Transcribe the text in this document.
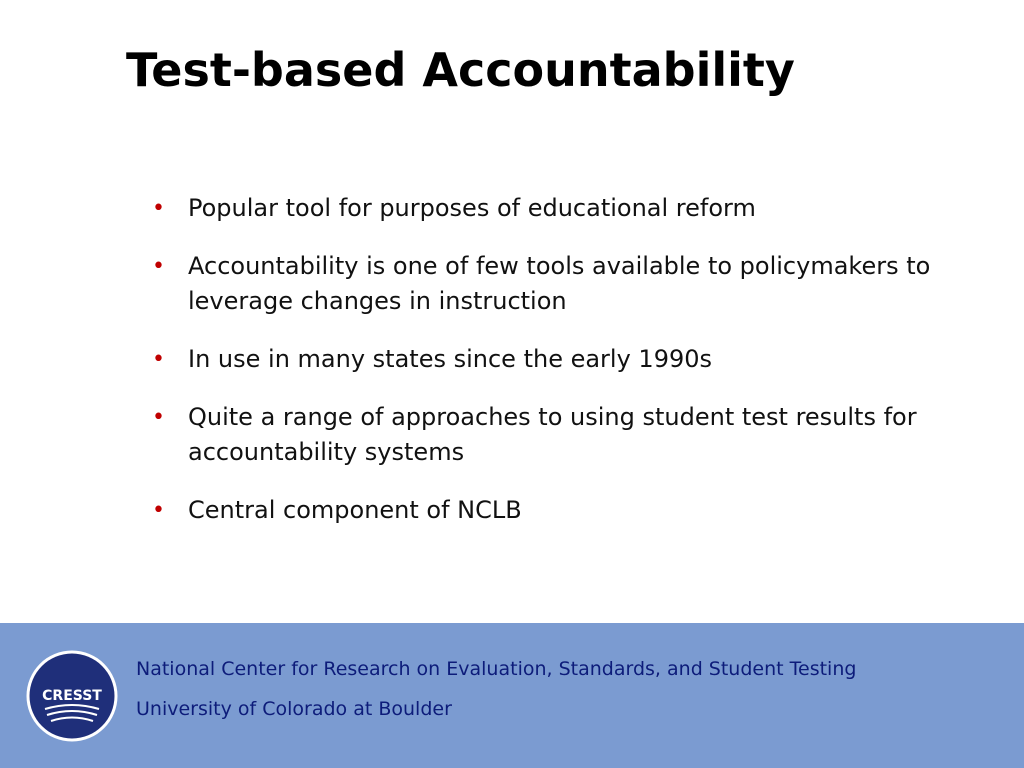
Test-based Accountability
• Popular tool for purposes of educational reform
• Accountability is one of few tools available to policymakers to leverage changes in instruction
• In use in many states since the early 1990s
• Quite a range of approaches to using student test results for accountability systems
• Central component of NCLB
CRESST

National Center for Research on Evaluation, Standards, and Student Testing

University of Colorado at Boulder
